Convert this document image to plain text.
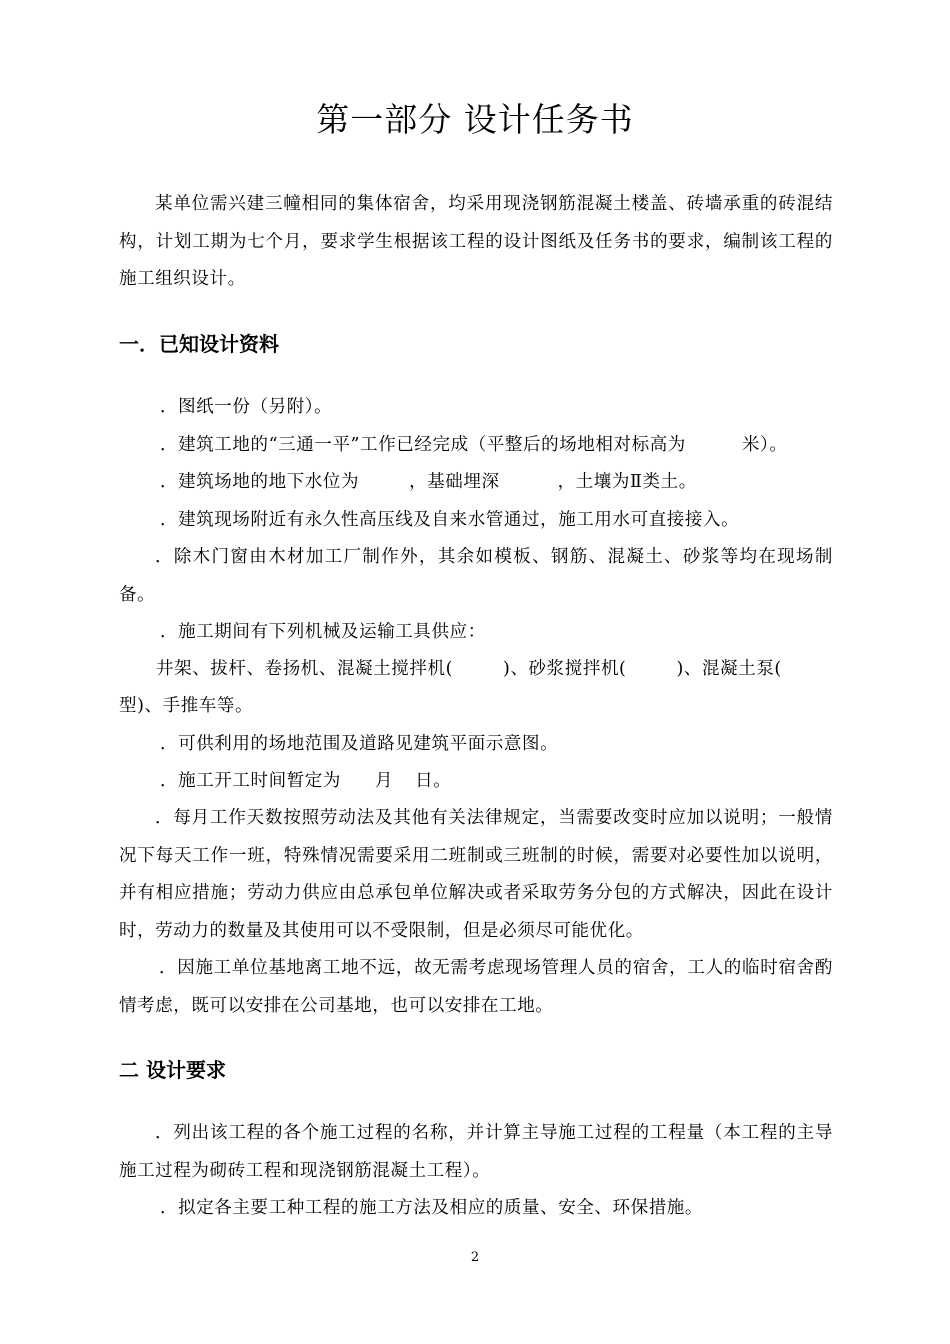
第一部分 设计任务书
某单位需兴建三幢相同的集体宿舍，均采用现浇钢筋混凝土楼盖、砖墙承重的砖混结构，计划工期为七个月，要求学生根据该工程的设计图纸及任务书的要求，编制该工程的施工组织设计。
一．已知设计资料
．图纸一份（另附）。
．建筑工地的“三通一平”工作已经完成（平整后的场地相对标高为	米）。
．建筑场地的地下水位为	，基础埋深	，土壤为Ⅱ类土。
．建筑现场附近有永久性高压线及自来水管通过，施工用水可直接接入。
．除木门窗由木材加工厂制作外，其余如模板、钢筋、混凝土、砂浆等均在现场制备。
．施工期间有下列机械及运输工具供应：
井架、拔杆、卷扬机、混凝土搅拌机(	)、砂浆搅拌机(	)、混凝土泵(
型)、手推车等。
．可供利用的场地范围及道路见建筑平面示意图。
．施工开工时间暂定为 月 日。
．每月工作天数按照劳动法及其他有关法律规定，当需要改变时应加以说明；一般情况下每天工作一班，特殊情况需要采用二班制或三班制的时候，需要对必要性加以说明，并有相应措施；劳动力供应由总承包单位解决或者采取劳务分包的方式解决，因此在设计时，劳动力的数量及其使用可以不受限制，但是必须尽可能优化。
．因施工单位基地离工地不远，故无需考虑现场管理人员的宿舍，工人的临时宿舍酌情考虑，既可以安排在公司基地，也可以安排在工地。
二 设计要求
．列出该工程的各个施工过程的名称，并计算主导施工过程的工程量（本工程的主导施工过程为砌砖工程和现浇钢筋混凝土工程）。
．拟定各主要工种工程的施工方法及相应的质量、安全、环保措施。
2
